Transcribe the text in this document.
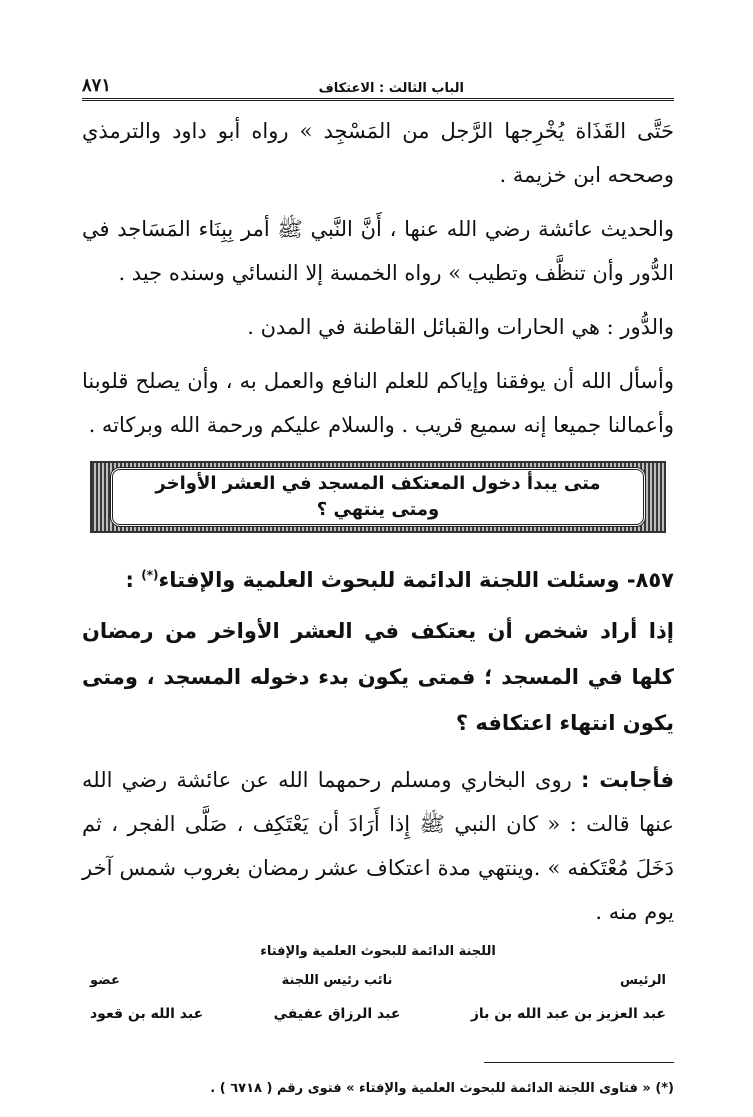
الباب الثالث : الاعتكاف
٨٧١

حَتَّى القَذَاة يُخْرِجها الرَّجل من المَسْجِد » رواه أبو داود والترمذي وصححه ابن خزيمة .

والحديث عائشة رضي الله عنها ، أَنَّ النَّبي ﷺ أمر بِبِنَاء المَسَاجد في الدُّور وأن تنظَّف وتطيب » رواه الخمسة إلا النسائي وسنده جيد .

والدُّور : هي الحارات والقبائل القاطنة في المدن .

وأسأل الله أن يوفقنا وإياكم للعلم النافع والعمل به ، وأن يصلح قلوبنا وأعمالنا جميعا إنه سميع قريب . والسلام عليكم ورحمة الله وبركاته .

متى يبدأ دخول المعتكف المسجد في العشر الأواخر
ومتى ينتهي ؟
٨٥٧- وسئلت اللجنة الدائمة للبحوث العلمية والإفتاء(*) :
إذا أراد شخص أن يعتكف في العشر الأواخر من رمضان كلها في المسجد ؛ فمتى يكون بدء دخوله المسجد ، ومتى يكون انتهاء اعتكافه ؟

فأجابت : روى البخاري ومسلم رحمهما الله عن عائشة رضي الله عنها قالت : « كان النبي ﷺ إِذا أَرَادَ أن يَعْتَكِف ، صَلَّى الفجر ، ثم دَخَلَ مُعْتَكفه » .وينتهي مدة اعتكاف عشر رمضان بغروب شمس آخر يوم منه .

اللجنة الدائمة للبحوث العلمية والإفتاء
الرئيس
عبد العزيز بن عبد الله بن باز
نائب رئيس اللجنة
عبد الرزاق عفيفي
عضو
عبد الله بن قعود
(*) « فتاوى اللجنة الدائمة للبحوث العلمية والإفتاء » فتوى رقم ( ٦٧١٨ ) .
